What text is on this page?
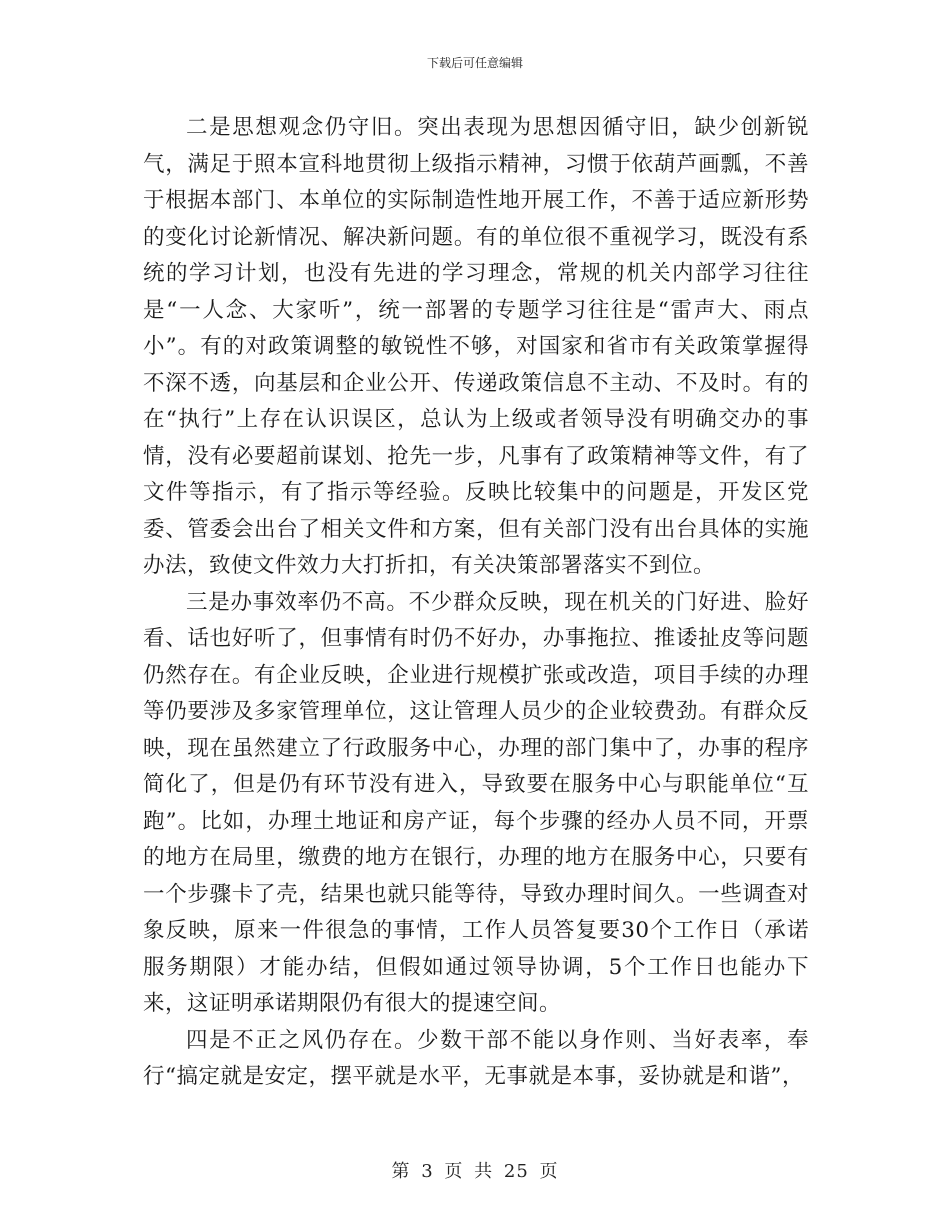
下载后可任意编辑

二是思想观念仍守旧。突出表现为思想因循守旧，缺少创新锐气，满足于照本宣科地贯彻上级指示精神，习惯于依葫芦画瓢，不善于根据本部门、本单位的实际制造性地开展工作，不善于适应新形势的变化讨论新情况、解决新问题。有的单位很不重视学习，既没有系统的学习计划，也没有先进的学习理念，常规的机关内部学习往往是“一人念、大家听”，统一部署的专题学习往往是“雷声大、雨点小”。有的对政策调整的敏锐性不够，对国家和省市有关政策掌握得不深不透，向基层和企业公开、传递政策信息不主动、不及时。有的在“执行”上存在认识误区，总认为上级或者领导没有明确交办的事情，没有必要超前谋划、抢先一步，凡事有了政策精神等文件，有了文件等指示，有了指示等经验。反映比较集中的问题是，开发区党委、管委会出台了相关文件和方案，但有关部门没有出台具体的实施办法，致使文件效力大打折扣，有关决策部署落实不到位。

三是办事效率仍不高。不少群众反映，现在机关的门好进、脸好看、话也好听了，但事情有时仍不好办，办事拖拉、推诿扯皮等问题仍然存在。有企业反映，企业进行规模扩张或改造，项目手续的办理等仍要涉及多家管理单位，这让管理人员少的企业较费劲。有群众反映，现在虽然建立了行政服务中心，办理的部门集中了，办事的程序简化了，但是仍有环节没有进入，导致要在服务中心与职能单位“互跑”。比如，办理土地证和房产证，每个步骤的经办人员不同，开票的地方在局里，缴费的地方在银行，办理的地方在服务中心，只要有一个步骤卡了壳，结果也就只能等待，导致办理时间久。一些调查对象反映，原来一件很急的事情，工作人员答复要30个工作日（承诺服务期限）才能办结，但假如通过领导协调，5个工作日也能办下来，这证明承诺期限仍有很大的提速空间。

四是不正之风仍存在。少数干部不能以身作则、当好表率，奉行“搞定就是安定，摆平就是水平，无事就是本事，妥协就是和谐”，

第 3 页 共 25 页
